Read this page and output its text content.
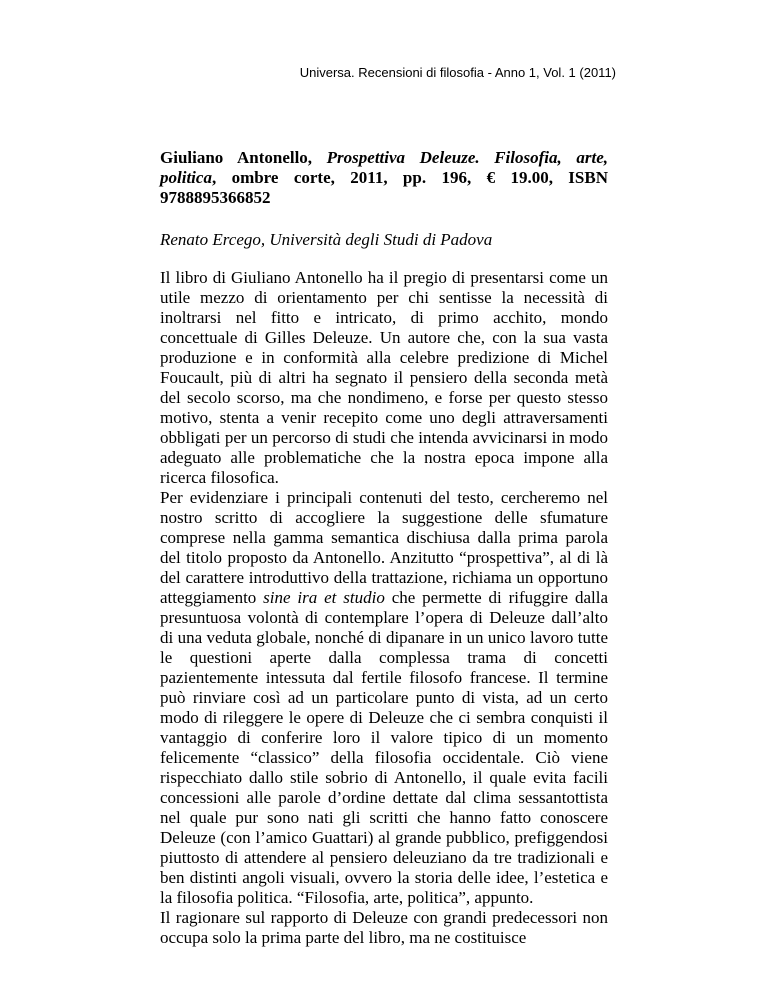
Universa. Recensioni di filosofia - Anno 1, Vol. 1 (2011)

Giuliano Antonello, Prospettiva Deleuze. Filosofia, arte, politica, ombre corte, 2011, pp. 196, € 19.00, ISBN 9788895366852

Renato Ercego, Università degli Studi di Padova

Il libro di Giuliano Antonello ha il pregio di presentarsi come un utile mezzo di orientamento per chi sentisse la necessità di inoltrarsi nel fitto e intricato, di primo acchito, mondo concettuale di Gilles Deleuze. Un autore che, con la sua vasta produzione e in conformità alla celebre predizione di Michel Foucault, più di altri ha segnato il pensiero della seconda metà del secolo scorso, ma che nondimeno, e forse per questo stesso motivo, stenta a venir recepito come uno degli attraversamenti obbligati per un percorso di studi che intenda avvicinarsi in modo adeguato alle problematiche che la nostra epoca impone alla ricerca filosofica.

Per evidenziare i principali contenuti del testo, cercheremo nel nostro scritto di accogliere la suggestione delle sfumature comprese nella gamma semantica dischiusa dalla prima parola del titolo proposto da Antonello. Anzitutto “prospettiva”, al di là del carattere introduttivo della trattazione, richiama un opportuno atteggiamento sine ira et studio che permette di rifuggire dalla presuntuosa volontà di contemplare l’opera di Deleuze dall’alto di una veduta globale, nonché di dipanare in un unico lavoro tutte le questioni aperte dalla complessa trama di concetti pazientemente intessuta dal fertile filosofo francese. Il termine può rinviare così ad un particolare punto di vista, ad un certo modo di rileggere le opere di Deleuze che ci sembra conquisti il vantaggio di conferire loro il valore tipico di un momento felicemente “classico” della filosofia occidentale. Ciò viene rispecchiato dallo stile sobrio di Antonello, il quale evita facili concessioni alle parole d’ordine dettate dal clima sessantottista nel quale pur sono nati gli scritti che hanno fatto conoscere Deleuze (con l’amico Guattari) al grande pubblico, prefiggendosi piuttosto di attendere al pensiero deleuziano da tre tradizionali e ben distinti angoli visuali, ovvero la storia delle idee, l’estetica e la filosofia politica. “Filosofia, arte, politica”, appunto.

Il ragionare sul rapporto di Deleuze con grandi predecessori non occupa solo la prima parte del libro, ma ne costituisce
